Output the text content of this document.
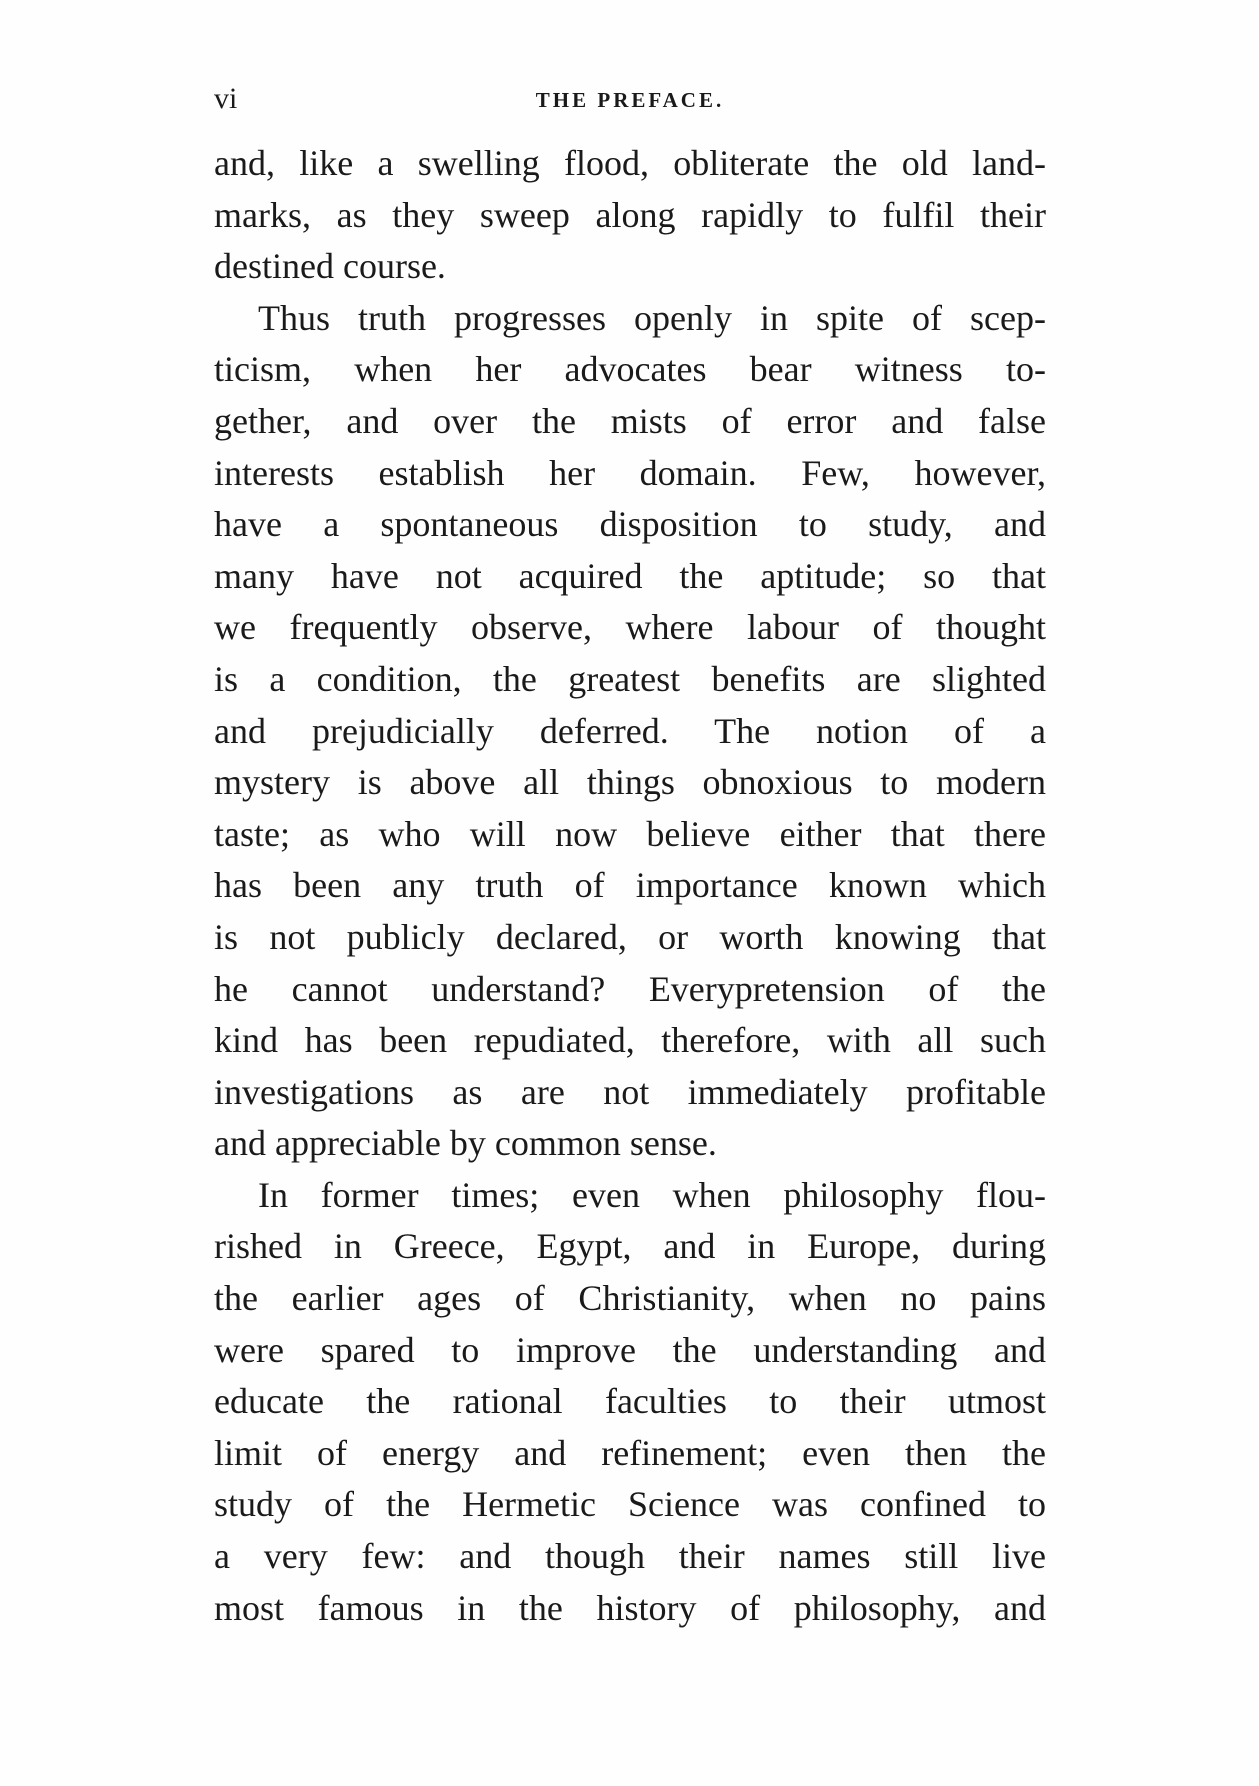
vi	THE PREFACE.
and, like a swelling flood, obliterate the old land-
marks, as they sweep along rapidly to fulfil their
destined course.
Thus truth progresses openly in spite of scep-
ticism, when her advocates bear witness to-
gether, and over the mists of error and false
interests establish her domain. Few, however,
have a spontaneous disposition to study, and
many have not acquired the aptitude; so that
we frequently observe, where labour of thought
is a condition, the greatest benefits are slighted
and prejudicially deferred. The notion of a
mystery is above all things obnoxious to modern
taste; as who will now believe either that there
has been any truth of importance known which
is not publicly declared, or worth knowing that
he cannot understand? Everypretension of the
kind has been repudiated, therefore, with all such
investigations as are not immediately profitable
and appreciable by common sense.
In former times; even when philosophy flou-
rished in Greece, Egypt, and in Europe, during
the earlier ages of Christianity, when no pains
were spared to improve the understanding and
educate the rational faculties to their utmost
limit of energy and refinement; even then the
study of the Hermetic Science was confined to
a very few: and though their names still live
most famous in the history of philosophy, and
